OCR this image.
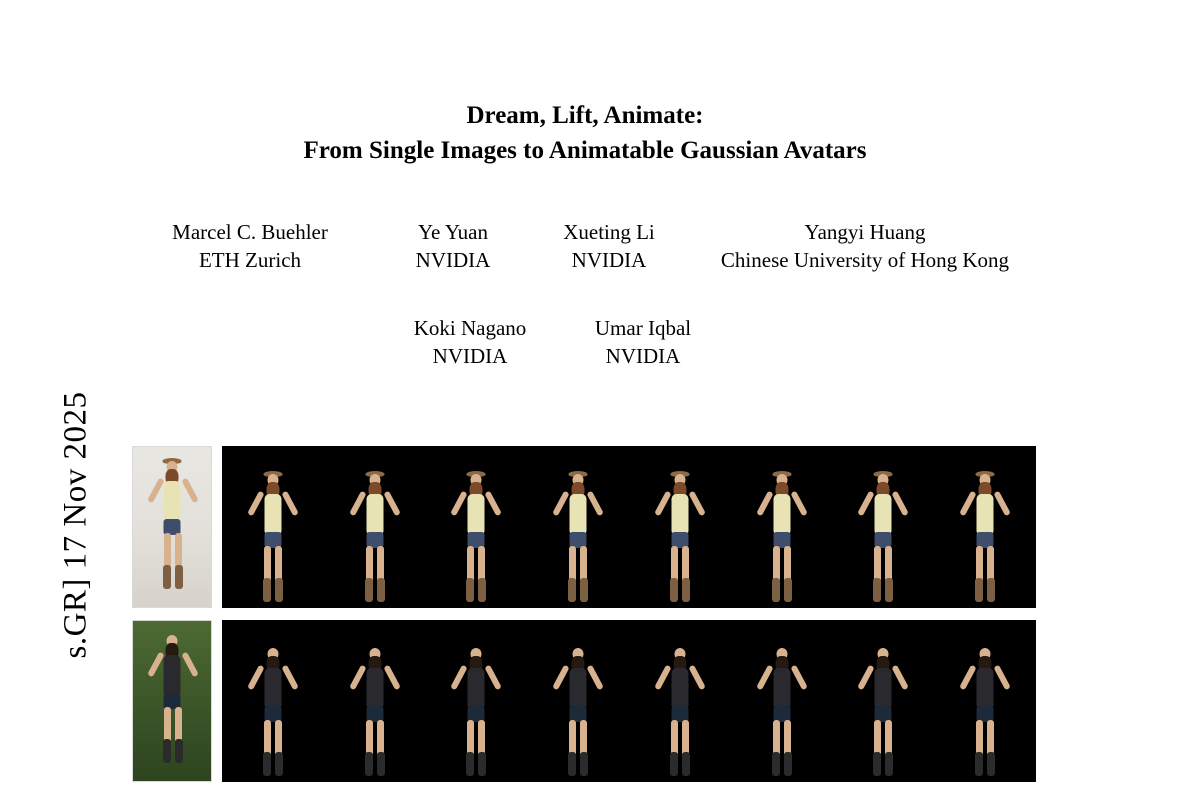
s.GR] 17 Nov 2025
Dream, Lift, Animate:
From Single Images to Animatable Gaussian Avatars
Marcel C. Buehler
ETH Zurich
Ye Yuan
NVIDIA
Xueting Li
NVIDIA
Yangyi Huang
Chinese University of Hong Kong
Koki Nagano
NVIDIA
Umar Iqbal
NVIDIA
